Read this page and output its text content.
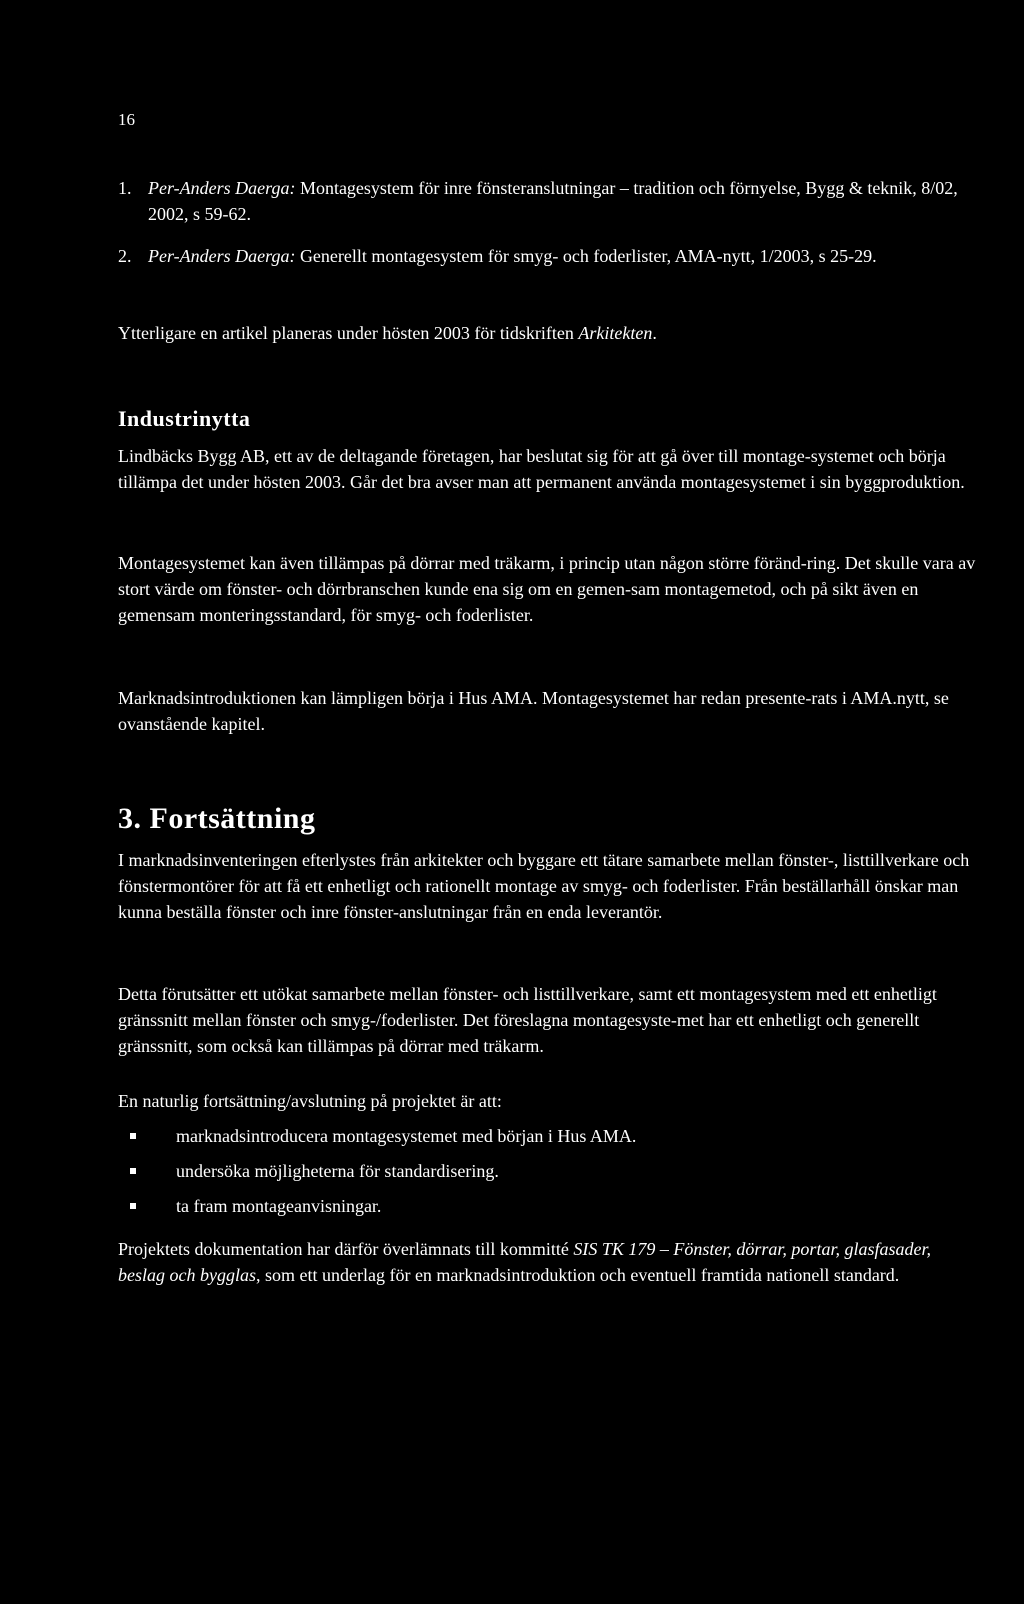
16
1. Per-Anders Daerga: Montagesystem för inre fönsteranslutningar – tradition och förnyelse, Bygg & teknik, 8/02, 2002, s 59-62.
2. Per-Anders Daerga: Generellt montagesystem för smyg- och foderlister, AMA-nytt, 1/2003, s 25-29.

Ytterligare en artikel planeras under hösten 2003 för tidskriften Arkitekten.

Industrinytta

Lindbäcks Bygg AB, ett av de deltagande företagen, har beslutat sig för att gå över till montage-systemet och börja tillämpa det under hösten 2003. Går det bra avser man att permanent använda montagesystemet i sin byggproduktion.

Montagesystemet kan även tillämpas på dörrar med träkarm, i princip utan någon större föränd-ring. Det skulle vara av stort värde om fönster- och dörrbranschen kunde ena sig om en gemen-sam montagemetod, och på sikt även en gemensam monteringsstandard, för smyg- och foderlister.

Marknadsintroduktionen kan lämpligen börja i Hus AMA. Montagesystemet har redan presente-rats i AMA.nytt, se ovanstående kapitel.

3. Fortsättning

I marknadsinventeringen efterlystes från arkitekter och byggare ett tätare samarbete mellan fönster-, listtillverkare och fönstermontörer för att få ett enhetligt och rationellt montage av smyg- och foderlister. Från beställarhåll önskar man kunna beställa fönster och inre fönster-anslutningar från en enda leverantör.

Detta förutsätter ett utökat samarbete mellan fönster- och listtillverkare, samt ett montagesystem med ett enhetligt gränssnitt mellan fönster och smyg-/foderlister. Det föreslagna montagesyste-met har ett enhetligt och generellt gränssnitt, som också kan tillämpas på dörrar med träkarm.

En naturlig fortsättning/avslutning på projektet är att:

marknadsintroducera montagesystemet med början i Hus AMA.
undersöka möjligheterna för standardisering.
ta fram montageanvisningar.

Projektets dokumentation har därför överlämnats till kommitté SIS TK 179 – Fönster, dörrar, portar, glasfasader, beslag och bygglas, som ett underlag för en marknadsintroduktion och eventuell framtida nationell standard.
